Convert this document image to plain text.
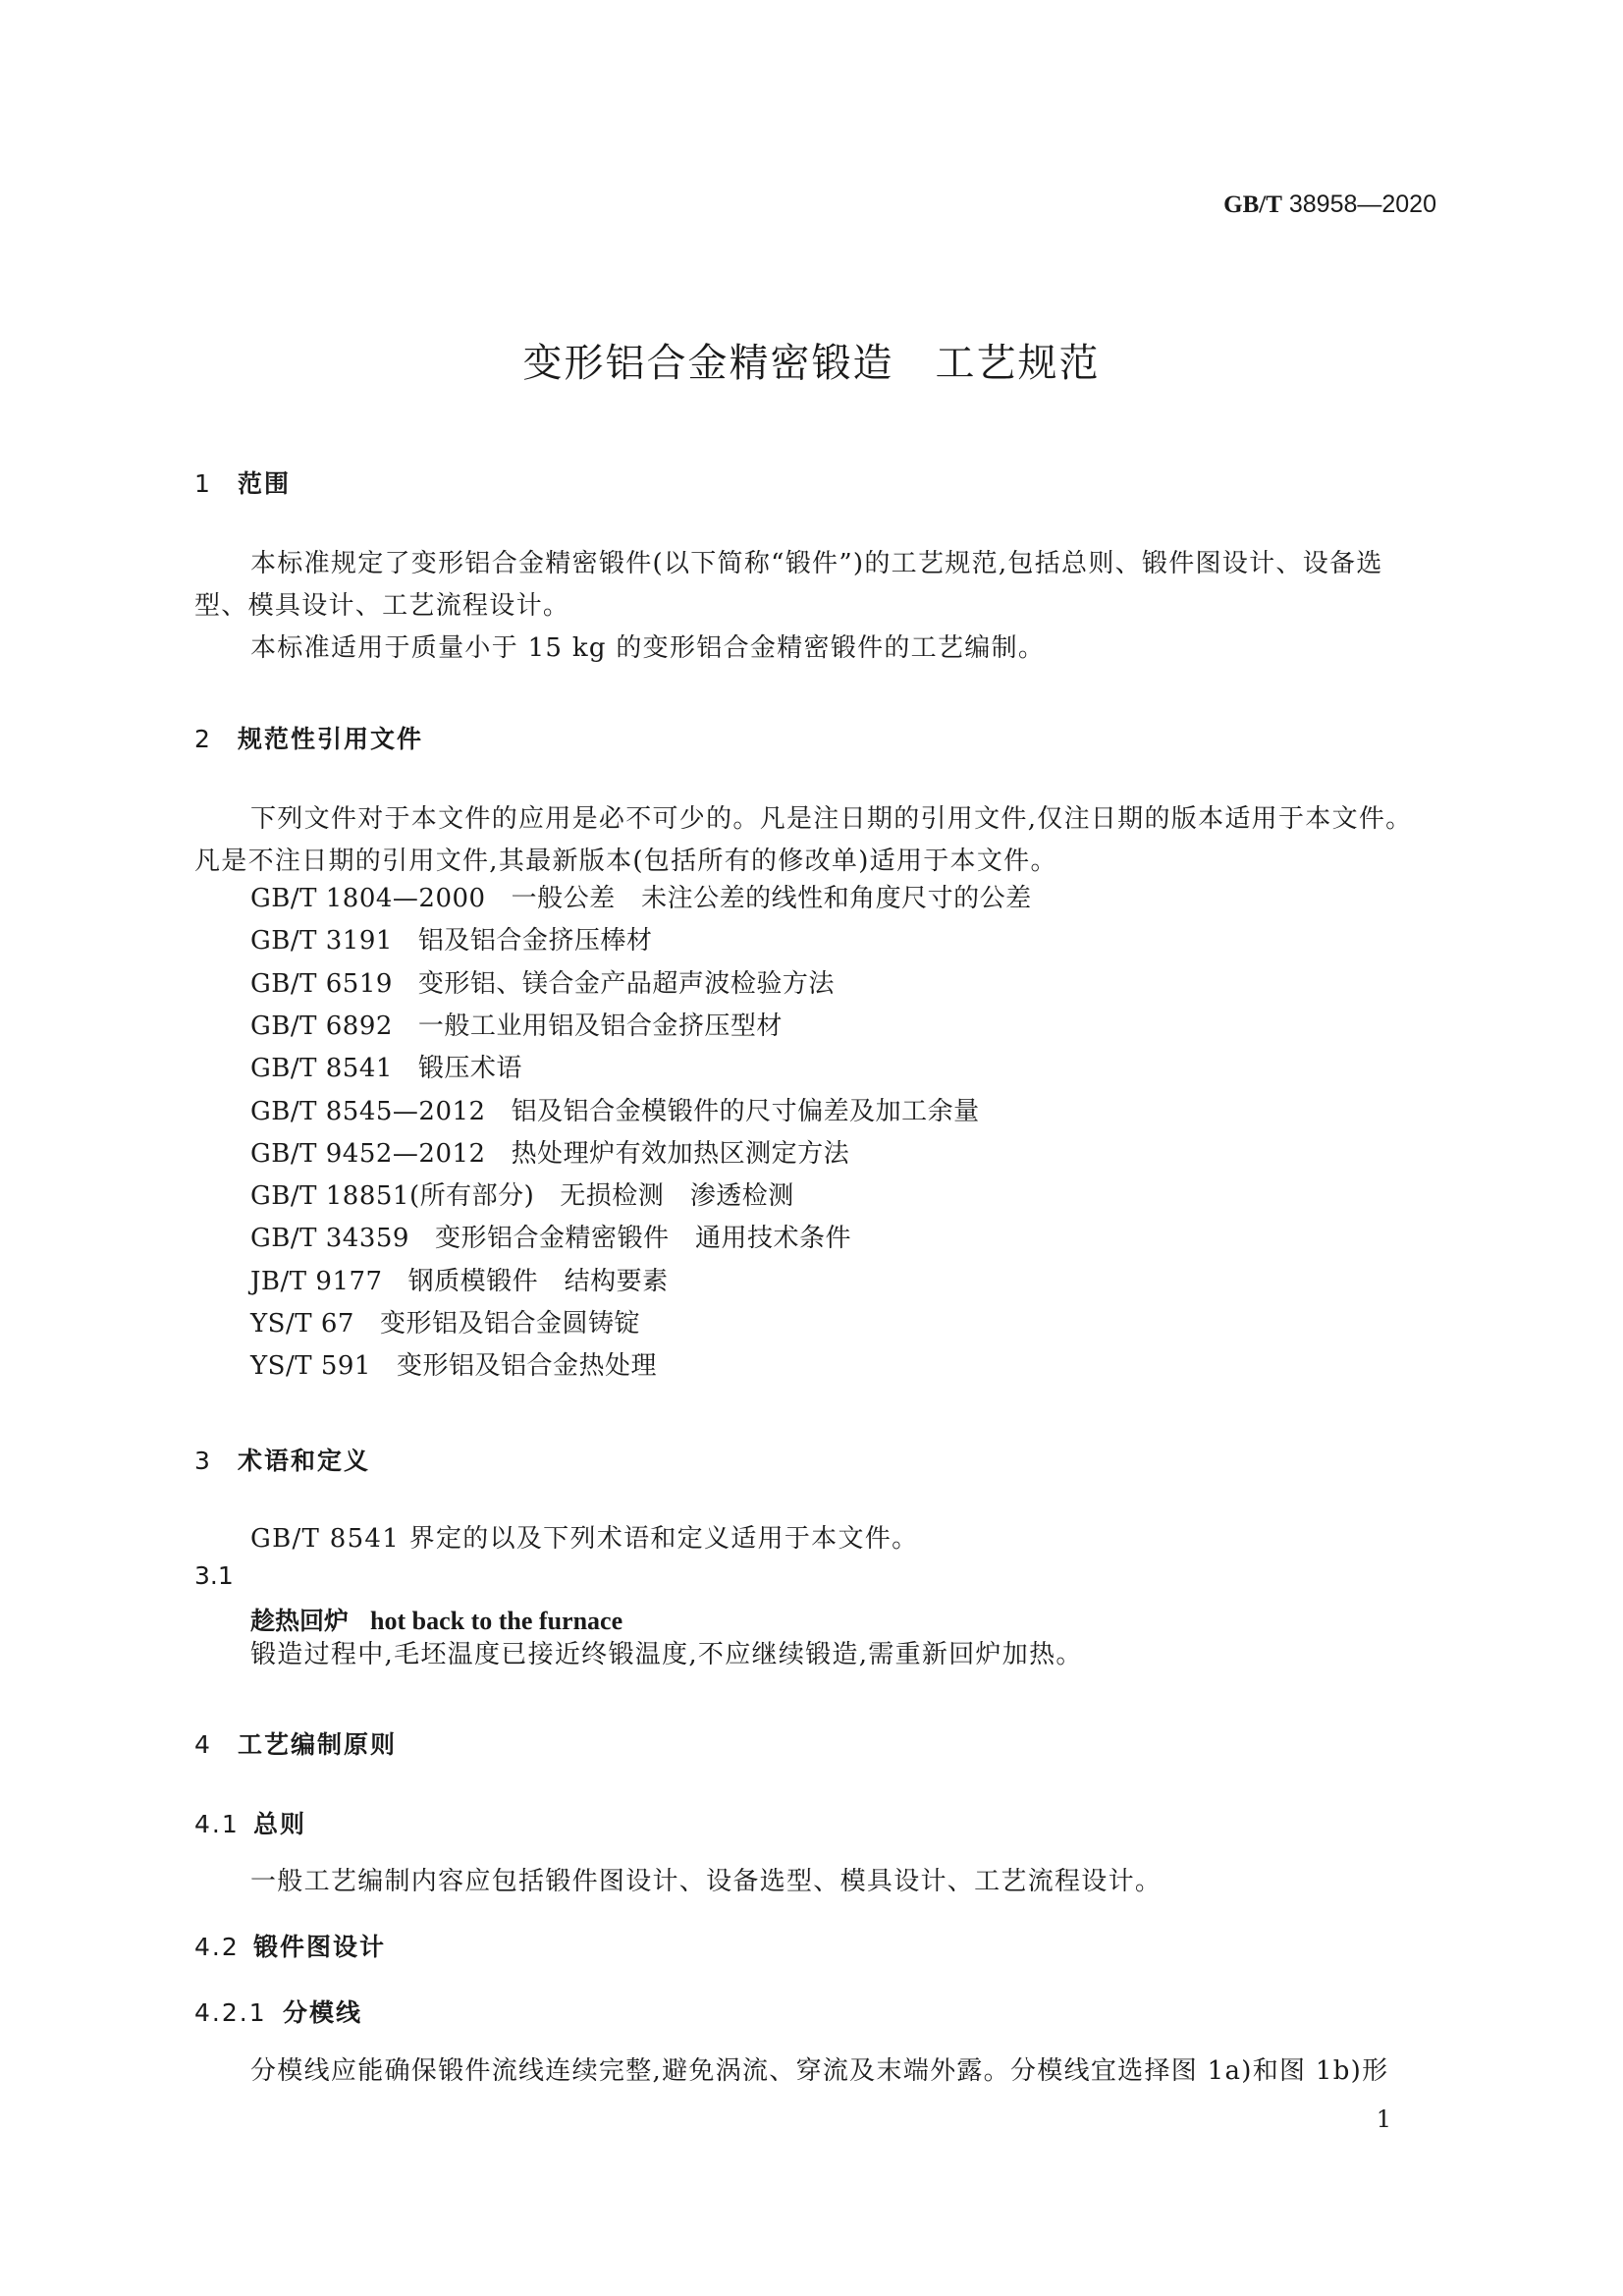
GB/T 38958—2020
变形铝合金精密锻造　工艺规范
1 范围
本标准规定了变形铝合金精密锻件(以下简称“锻件”)的工艺规范,包括总则、锻件图设计、设备选型、模具设计、工艺流程设计。
本标准适用于质量小于 15 kg 的变形铝合金精密锻件的工艺编制。
2 规范性引用文件
下列文件对于本文件的应用是必不可少的。凡是注日期的引用文件,仅注日期的版本适用于本文件。凡是不注日期的引用文件,其最新版本(包括所有的修改单)适用于本文件。
GB/T 1804—2000 一般公差　未注公差的线性和角度尺寸的公差
GB/T 3191 铝及铝合金挤压棒材
GB/T 6519 变形铝、镁合金产品超声波检验方法
GB/T 6892 一般工业用铝及铝合金挤压型材
GB/T 8541 锻压术语
GB/T 8545—2012 铝及铝合金模锻件的尺寸偏差及加工余量
GB/T 9452—2012 热处理炉有效加热区测定方法
GB/T 18851(所有部分) 无损检测　渗透检测
GB/T 34359 变形铝合金精密锻件　通用技术条件
JB/T 9177 钢质模锻件　结构要素
YS/T 67 变形铝及铝合金圆铸锭
YS/T 591 变形铝及铝合金热处理
3 术语和定义
GB/T 8541 界定的以及下列术语和定义适用于本文件。
3.1
趁热回炉 hot back to the furnace
锻造过程中,毛坯温度已接近终锻温度,不应继续锻造,需重新回炉加热。
4 工艺编制原则
4.1 总则
一般工艺编制内容应包括锻件图设计、设备选型、模具设计、工艺流程设计。
4.2 锻件图设计
4.2.1 分模线
分模线应能确保锻件流线连续完整,避免涡流、穿流及末端外露。分模线宜选择图 1a)和图 1b)形
1
